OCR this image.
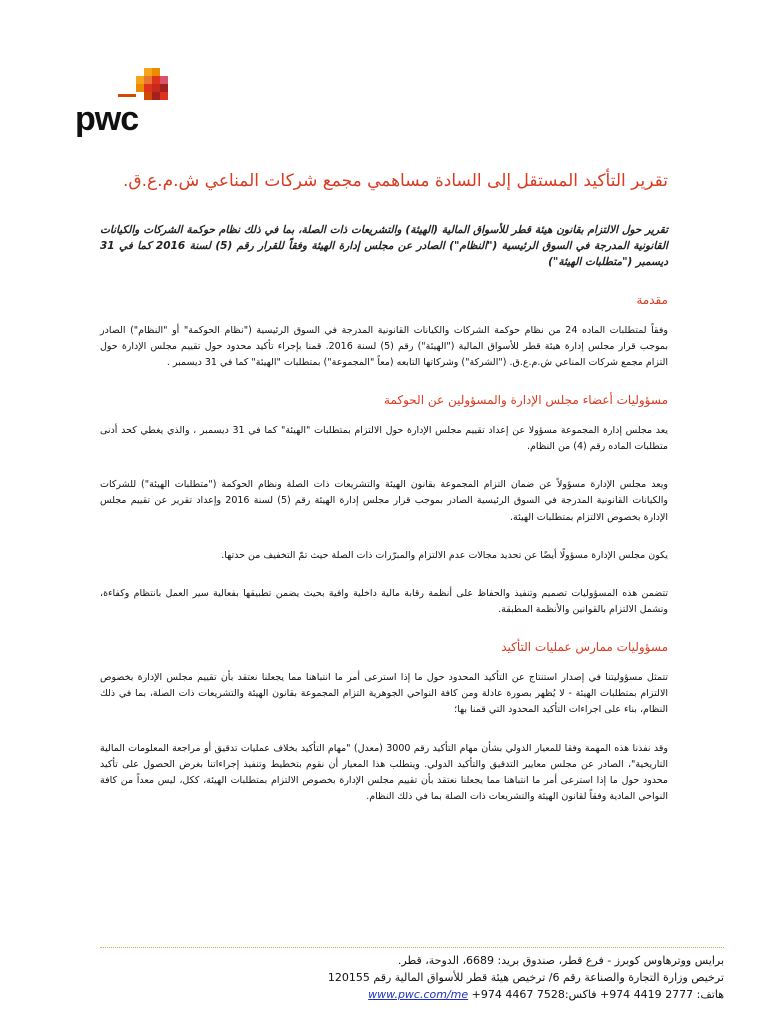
pwc
تقرير التأكيد المستقل إلى السادة مساهمي مجمع شركات المناعي ش.م.ع.ق.
تقرير حول الالتزام بقانون هيئة قطر للأسواق المالية (الهيئة) والتشريعات ذات الصلة، بما في ذلك نظام حوكمة الشركات والكيانات القانونية المدرجة في السوق الرئيسية ("النظام") الصادر عن مجلس إدارة الهيئة وفقاً للقرار رقم (5) لسنة 2016 كما في 31 ديسمبر ("متطلبات الهيئة")
مقدمة
وفقاً لمتطلبات الماده 24 من نظام حوكمة الشركات والكيانات القانونية المدرجة في السوق الرئيسية ("نظام الحوكمة" أو "النظام") الصادر بموجب قرار مجلس إدارة هيئة قطر للأسواق المالية ("الهيئة") رقم (5) لسنة 2016. قمنا بإجراء تأكيد محدود حول تقييم مجلس الإدارة حول التزام مجمع شركات المناعي ش.م.ع.ق. ("الشركة") وشركاتها التابعه (معاً "المجموعة") بمتطلبات "الهيئة" كما في 31 ديسمبر .
مسؤوليات أعضاء مجلس الإدارة والمسؤولين عن الحوكمة
يعد مجلس إدارة المجموعة مسؤولا عن إعداد تقييم مجلس الإدارة حول الالتزام بمتطلبات "الهيئة" كما في 31 ديسمبر ، والذي يغطي كحد أدنى متطلبات الماده رقم (4) من النظام.
ويعد مجلس الإدارة مسؤولاً عن ضمان التزام المجموعة بقانون الهيئة والتشريعات ذات الصلة ونظام الحوكمة ("متطلبات الهيئة") للشركات والكيانات القانونية المدرجة في السوق الرئيسية الصادر بموجب قرار مجلس إدارة الهيئة رقم (5) لسنة 2016 وإعداد تقرير عن تقييم مجلس الإدارة بخصوص الالتزام بمتطلبات الهيئة.
يكون مجلس الإدارة مسؤولًا أيضًا عن تحديد مجالات عدم الالتزام والمبرّرات ذات الصلة حيث تمّ التخفيف من حدتها.
تتضمن هذه المسؤوليات تصميم وتنفيذ والحفاظ على أنظمة رقابة مالية داخلية وافية بحيث يضمن تطبيقها بفعالية سير العمل بانتظام وكفاءة، وتشمل الالتزام بالقوانين والأنظمة المطبقة.
مسؤوليات ممارس عمليات التأكيد
تتمثل مسؤوليتنا في إصدار استنتاج عن التأكيد المحدود حول ما إذا استرعى أمر ما انتباهنا مما يجعلنا نعتقد بأن تقييم مجلس الإدارة بخصوص الالتزام بمتطلبات الهيئة - لا يُظهر بصورة عادلة ومن كافة النواحي الجوهرية التزام المجموعة بقانون الهيئة والتشريعات ذات الصلة، بما في ذلك النظام، بناء على اجراءات التأكيد المحدود التي قمنا بها؛
وقد نفذنا هذه المهمة وفقا للمعيار الدولي بشأن مهام التأكيد رقم 3000 (معدل) "مهام التأكيد بخلاف عمليات تدقيق أو مراجعة المعلومات المالية التاريخية"، الصادر عن مجلس معايير التدقيق والتأكيد الدولي. ويتطلب هذا المعيار أن نقوم بتخطيط وتنفيذ إجراءاتنا بغرض الحصول على تأكيد محدود حول ما إذا استرعى أمر ما انتباهنا مما يجعلنا نعتقد بأن تقييم مجلس الإدارة بخصوص الالتزام بمتطلبات الهيئة، ككل، ليس معداً من كافة النواحي المادية وفقاً لقانون الهيئة والتشريعات ذات الصلة بما في ذلك النظام.
برايس ووترهاوس كوبرز - فرع قطر، صندوق بريد: 6689، الدوحة، قطر.
ترخيص وزارة التجارة والصناعة رقم 6/ ترخيص هيئة قطر للأسواق المالية رقم 120155
هاتف: 2777 4419 974+ فاكس:7528 4467 974+ www.pwc.com/me
